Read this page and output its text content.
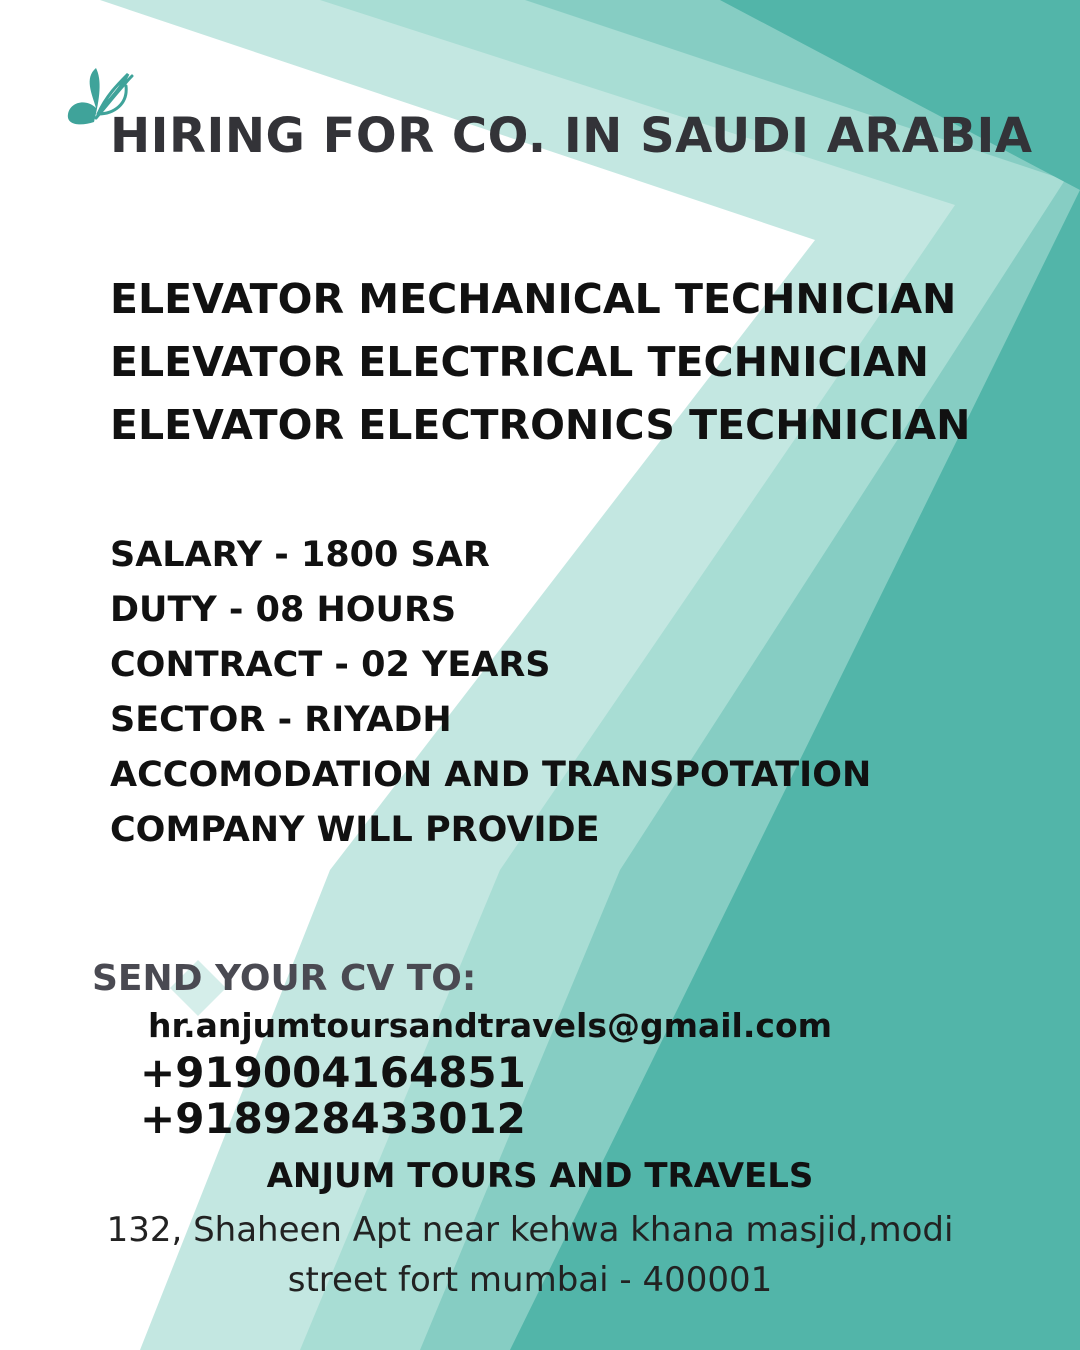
HIRING FOR CO. IN SAUDI ARABIA
ELEVATOR MECHANICAL TECHNICIAN
ELEVATOR ELECTRICAL TECHNICIAN
ELEVATOR ELECTRONICS TECHNICIAN
SALARY - 1800 SAR
DUTY - 08 HOURS
CONTRACT - 02 YEARS
SECTOR - RIYADH
ACCOMODATION AND TRANSPOTATION
COMPANY WILL PROVIDE
SEND YOUR CV TO:
hr.anjumtoursandtravels@gmail.com
+919004164851
+918928433012
ANJUM TOURS AND TRAVELS
132, Shaheen Apt near kehwa khana masjid,modi street fort mumbai - 400001
